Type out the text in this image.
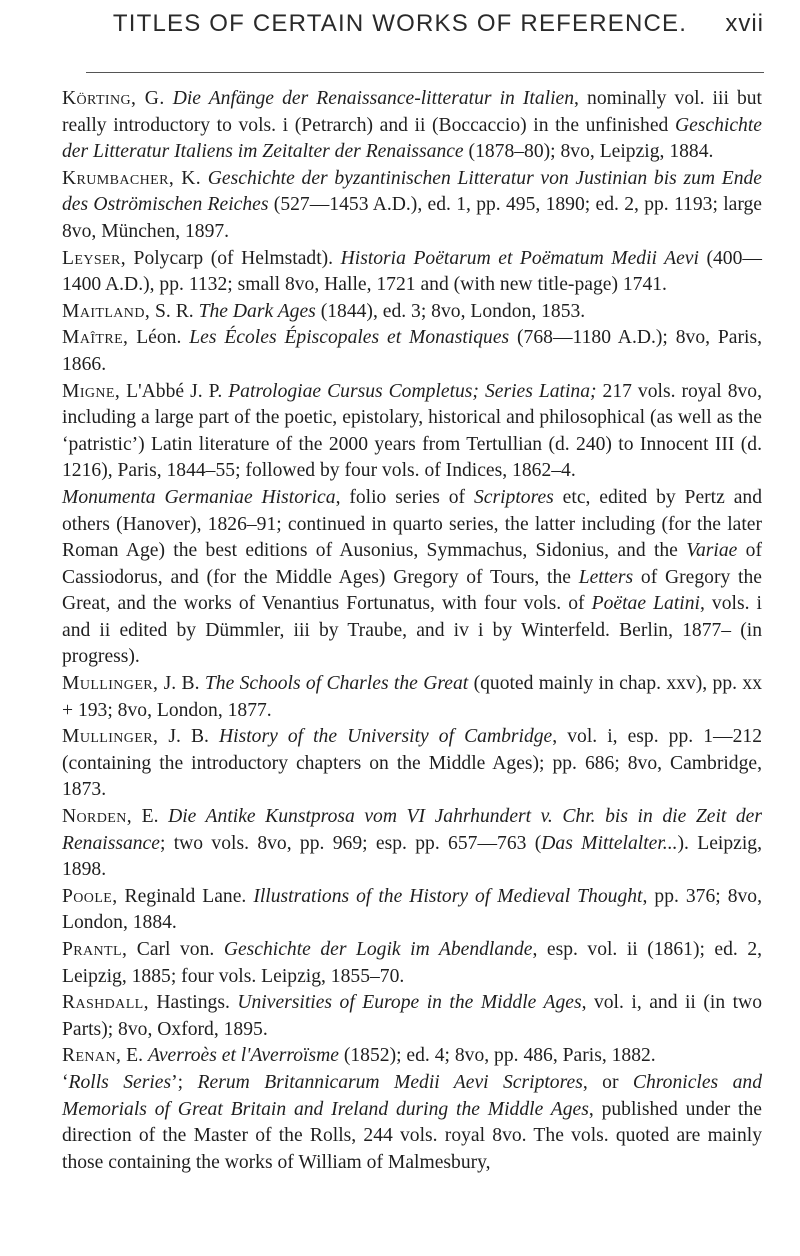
TITLES OF CERTAIN WORKS OF REFERENCE.	xvii

Körting, G. Die Anfänge der Renaissance-litteratur in Italien, nominally vol. iii but really introductory to vols. i (Petrarch) and ii (Boccaccio) in the unfinished Geschichte der Litteratur Italiens im Zeitalter der Renaissance (1878–80); 8vo, Leipzig, 1884.

Krumbacher, K. Geschichte der byzantinischen Litteratur von Justinian bis zum Ende des Oströmischen Reiches (527—1453 A.D.), ed. 1, pp. 495, 1890; ed. 2, pp. 1193; large 8vo, München, 1897.

Leyser, Polycarp (of Helmstadt). Historia Poëtarum et Poëmatum Medii Aevi (400—1400 A.D.), pp. 1132; small 8vo, Halle, 1721 and (with new title-page) 1741.

Maitland, S. R. The Dark Ages (1844), ed. 3; 8vo, London, 1853.

Maître, Léon. Les Écoles Épiscopales et Monastiques (768—1180 A.D.); 8vo, Paris, 1866.

Migne, L'Abbé J. P. Patrologiae Cursus Completus; Series Latina; 217 vols. royal 8vo, including a large part of the poetic, epistolary, historical and philosophical (as well as the ‘patristic’) Latin literature of the 2000 years from Tertullian (d. 240) to Innocent III (d. 1216), Paris, 1844–55; followed by four vols. of Indices, 1862–4.

Monumenta Germaniae Historica, folio series of Scriptores etc, edited by Pertz and others (Hanover), 1826–91; continued in quarto series, the latter including (for the later Roman Age) the best editions of Ausonius, Symmachus, Sidonius, and the Variae of Cassiodorus, and (for the Middle Ages) Gregory of Tours, the Letters of Gregory the Great, and the works of Venantius Fortunatus, with four vols. of Poëtae Latini, vols. i and ii edited by Dümmler, iii by Traube, and iv i by Winterfeld. Berlin, 1877– (in progress).

Mullinger, J. B. The Schools of Charles the Great (quoted mainly in chap. xxv), pp. xx + 193; 8vo, London, 1877.

Mullinger, J. B. History of the University of Cambridge, vol. i, esp. pp. 1—212 (containing the introductory chapters on the Middle Ages); pp. 686; 8vo, Cambridge, 1873.

Norden, E. Die Antike Kunstprosa vom VI Jahrhundert v. Chr. bis in die Zeit der Renaissance; two vols. 8vo, pp. 969; esp. pp. 657—763 (Das Mittelalter...). Leipzig, 1898.

Poole, Reginald Lane. Illustrations of the History of Medieval Thought, pp. 376; 8vo, London, 1884.

Prantl, Carl von. Geschichte der Logik im Abendlande, esp. vol. ii (1861); ed. 2, Leipzig, 1885; four vols. Leipzig, 1855–70.

Rashdall, Hastings. Universities of Europe in the Middle Ages, vol. i, and ii (in two Parts); 8vo, Oxford, 1895.

Renan, E. Averroès et l'Averroïsme (1852); ed. 4; 8vo, pp. 486, Paris, 1882.

‘Rolls Series’; Rerum Britannicarum Medii Aevi Scriptores, or Chronicles and Memorials of Great Britain and Ireland during the Middle Ages, published under the direction of the Master of the Rolls, 244 vols. royal 8vo. The vols. quoted are mainly those containing the works of William of Malmesbury,
